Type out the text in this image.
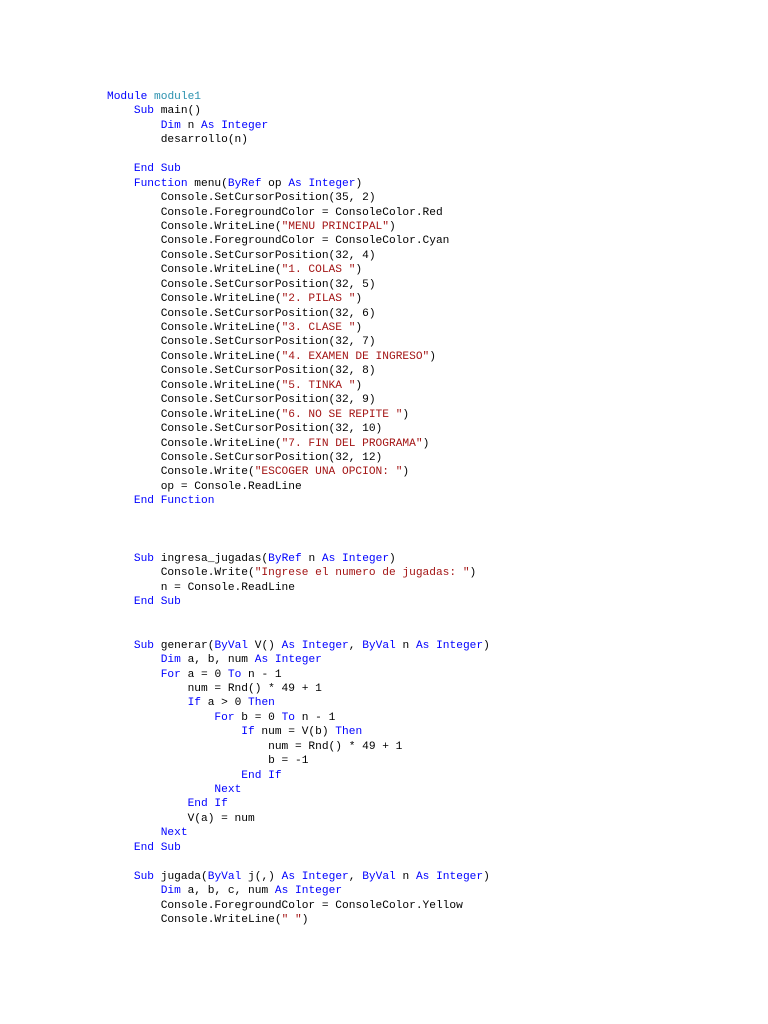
Module module1
Sub main()
Dim n As Integer
desarrollo(n)
End Sub
Function menu(ByRef op As Integer)
Console.SetCursorPosition(35, 2)
Console.ForegroundColor = ConsoleColor.Red
Console.WriteLine("MENU PRINCIPAL")
Console.ForegroundColor = ConsoleColor.Cyan
Console.SetCursorPosition(32, 4)
Console.WriteLine("1. COLAS ")
Console.SetCursorPosition(32, 5)
Console.WriteLine("2. PILAS ")
Console.SetCursorPosition(32, 6)
Console.WriteLine("3. CLASE ")
Console.SetCursorPosition(32, 7)
Console.WriteLine("4. EXAMEN DE INGRESO")
Console.SetCursorPosition(32, 8)
Console.WriteLine("5. TINKA ")
Console.SetCursorPosition(32, 9)
Console.WriteLine("6. NO SE REPITE ")
Console.SetCursorPosition(32, 10)
Console.WriteLine("7. FIN DEL PROGRAMA")
Console.SetCursorPosition(32, 12)
Console.Write("ESCOGER UNA OPCION: ")
op = Console.ReadLine
End Function
Sub ingresa_jugadas(ByRef n As Integer)
Console.Write("Ingrese el numero de jugadas: ")
n = Console.ReadLine
End Sub
Sub generar(ByVal V() As Integer, ByVal n As Integer)
Dim a, b, num As Integer
For a = 0 To n - 1
num = Rnd() * 49 + 1
If a > 0 Then
For b = 0 To n - 1
If num = V(b) Then
num = Rnd() * 49 + 1
b = -1
End If
Next
End If
V(a) = num
Next
End Sub
Sub jugada(ByVal j(,) As Integer, ByVal n As Integer)
Dim a, b, c, num As Integer
Console.ForegroundColor = ConsoleColor.Yellow
Console.WriteLine(" ")
